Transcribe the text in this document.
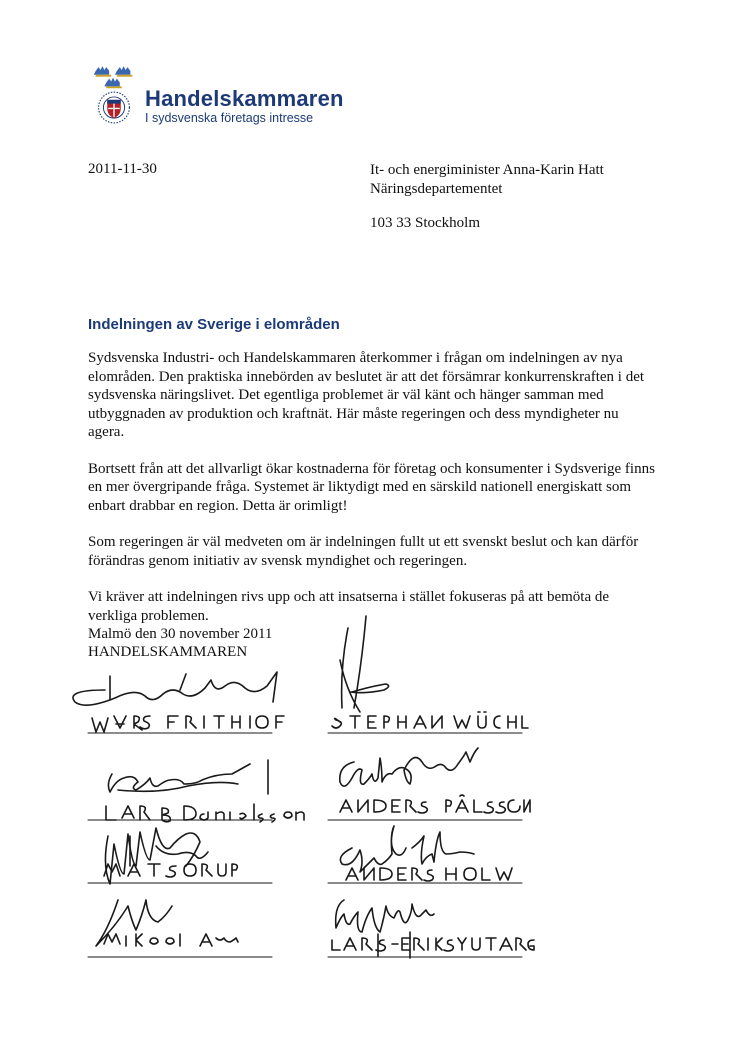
Handelskammaren
I sydsvenska företags intresse
2011-11-30	It- och energiminister Anna-Karin Hatt
Näringsdepartementet
103 33 Stockholm
Indelningen av Sverige i elområden

Sydsvenska Industri- och Handelskammaren återkommer i frågan om indelningen av nya elområden. Den praktiska innebörden av beslutet är att det försämrar konkurrenskraften i det sydsvenska näringslivet. Det egentliga problemet är väl känt och hänger samman med utbyggnaden av produktion och kraftnät. Här måste regeringen och dess myndigheter nu agera.

Bortsett från att det allvarligt ökar kostnaderna för företag och konsumenter i Sydsverige finns en mer övergripande fråga. Systemet är liktydigt med en särskild nationell energiskatt som enbart drabbar en region. Detta är orimligt!

Som regeringen är väl medveten om är indelningen fullt ut ett svenskt beslut och kan därför förändras genom initiativ av svensk myndighet och regeringen.

Vi kräver att indelningen rivs upp och att insatserna i stället fokuseras på att bemöta de verkliga problemen.

Malmö den 30 november 2011
HANDELSKAMMAREN
